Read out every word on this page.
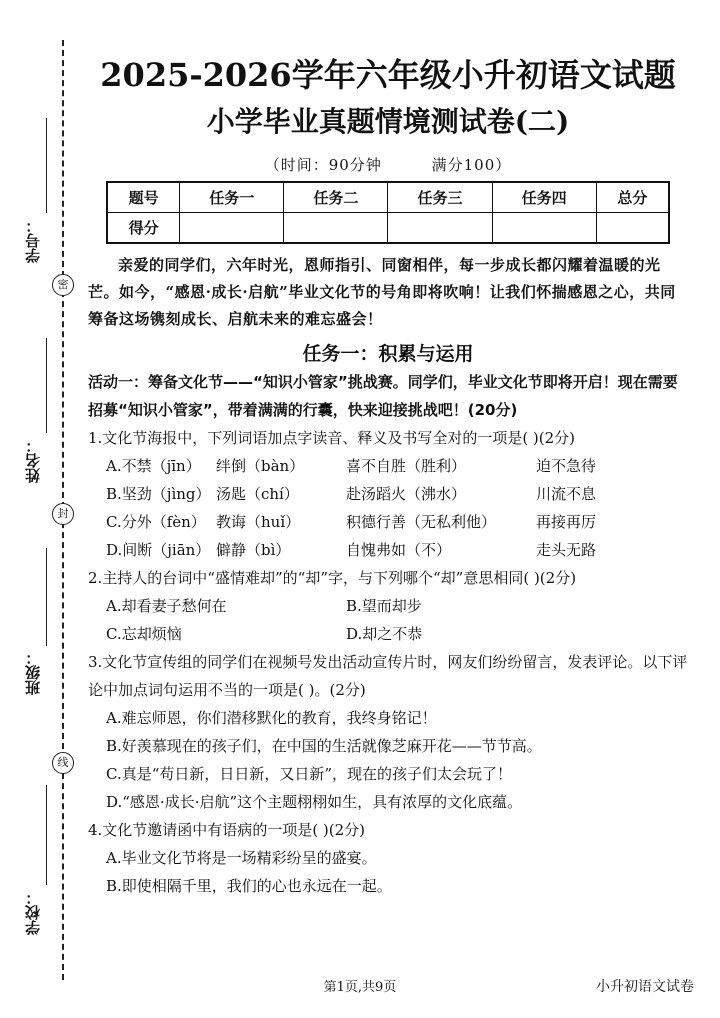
学号：
密
姓名：
封
班级：
线
学校：
2025-2026学年六年级小升初语文试题
小学毕业真题情境测试卷(二)
（时间：90分钟	满分100）
题号	任务一	任务二	任务三	任务四	总分
得分					
亲爱的同学们，六年时光，恩师指引、同窗相伴，每一步成长都闪耀着温暖的光芒。如今，“感恩·成长·启航”毕业文化节的号角即将吹响！让我们怀揣感恩之心，共同筹备这场镌刻成长、启航未来的难忘盛会！
任务一：积累与运用
活动一：筹备文化节——“知识小管家”挑战赛。同学们，毕业文化节即将开启！现在需要招募“知识小管家”，带着满满的行囊，快来迎接挑战吧！(20分)
1.文化节海报中，下列词语加点字读音、释义及书写全对的一项是( )(2分)
A.不禁（jīn）	绊倒（bàn）	喜不自胜（胜利）	迫不急待
B.坚劲（jìng） 汤匙（chí）	赴汤蹈火（沸水）	川流不息
C.分外（fèn） 教诲（huǐ）	积德行善（无私利他）	再接再厉
D.间断（jiān） 僻静（bì）	自愧弗如（不）	走头无路
2.主持人的台词中“盛情难却”的“却”字，与下列哪个“却”意思相同( )(2分)
A.却看妻子愁何在	B.望而却步
C.忘却烦恼	D.却之不恭
3.文化节宣传组的同学们在视频号发出活动宣传片时，网友们纷纷留言，发表评论。以下评论中加点词句运用不当的一项是( )。(2分)
A.难忘师恩，你们潜移默化的教育，我终身铭记！
B.好羡慕现在的孩子们，在中国的生活就像芝麻开花——节节高。
C.真是“苟日新，日日新，又日新”，现在的孩子们太会玩了！
D.“感恩·成长·启航”这个主题栩栩如生，具有浓厚的文化底蕴。
4.文化节邀请函中有语病的一项是( )(2分)
A.毕业文化节将是一场精彩纷呈的盛宴。
B.即使相隔千里，我们的心也永远在一起。
第1页,共9页	小升初语文试卷
